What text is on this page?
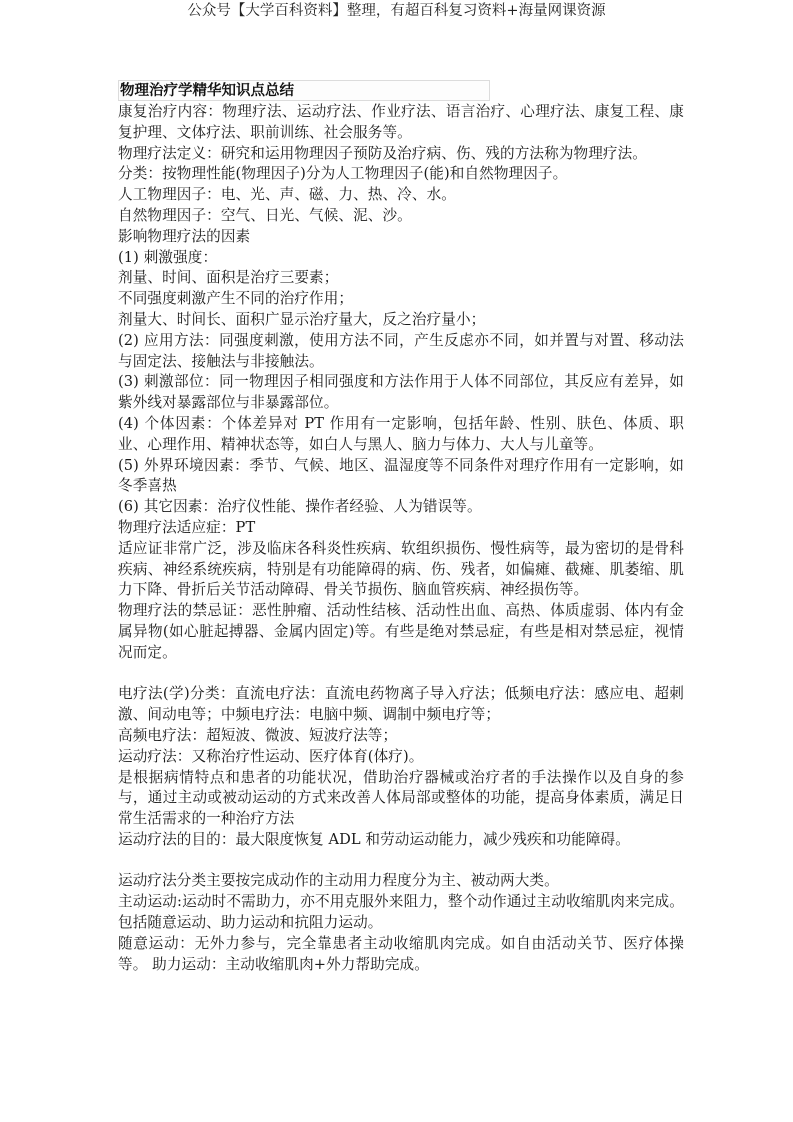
公众号【大学百科资料】整理，有超百科复习资料+海量网课资源
物理治疗学精华知识点总结

康复治疗内容：物理疗法、运动疗法、作业疗法、语言治疗、心理疗法、康复工程、康复护理、文体疗法、职前训练、社会服务等。

物理疗法定义：研究和运用物理因子预防及治疗病、伤、残的方法称为物理疗法。

分类：按物理性能(物理因子)分为人工物理因子(能)和自然物理因子。

人工物理因子：电、光、声、磁、力、热、冷、水。

自然物理因子：空气、日光、气候、泥、沙。

影响物理疗法的因素

(1) 刺激强度：

剂量、时间、面积是治疗三要素；

不同强度刺激产生不同的治疗作用；

剂量大、时间长、面积广显示治疗量大，反之治疗量小；

(2) 应用方法：同强度刺激，使用方法不同，产生反虑亦不同，如并置与对置、移动法与固定法、接触法与非接触法。

(3) 刺激部位：同一物理因子相同强度和方法作用于人体不同部位，其反应有差异，如紫外线对暴露部位与非暴露部位。

(4) 个体因素：个体差异对 PT 作用有一定影响，包括年龄、性别、肤色、体质、职业、心理作用、精神状态等，如白人与黑人、脑力与体力、大人与儿童等。

(5) 外界环境因素：季节、气候、地区、温湿度等不同条件对理疗作用有一定影响，如冬季喜热

(6) 其它因素：治疗仪性能、操作者经验、人为错误等。

物理疗法适应症：PT

适应证非常广泛，涉及临床各科炎性疾病、软组织损伤、慢性病等，最为密切的是骨科疾病、神经系统疾病，特别是有功能障碍的病、伤、残者，如偏瘫、截瘫、肌萎缩、肌力下降、骨折后关节活动障碍、骨关节损伤、脑血管疾病、神经损伤等。

物理疗法的禁忌证：恶性肿瘤、活动性结核、活动性出血、高热、体质虚弱、体内有金属异物(如心脏起搏器、金属内固定)等。有些是绝对禁忌症，有些是相对禁忌症，视情况而定。

电疗法(学)分类：直流电疗法：直流电药物离子导入疗法；低频电疗法：感应电、超刺激、间动电等；中频电疗法：电脑中频、调制中频电疗等；

高频电疗法：超短波、微波、短波疗法等；

运动疗法：又称治疗性运动、医疗体育(体疗)。

是根据病情特点和患者的功能状况，借助治疗器械或治疗者的手法操作以及自身的参与，通过主动或被动运动的方式来改善人体局部或整体的功能，提高身体素质，满足日常生活需求的一种治疗方法

运动疗法的目的：最大限度恢复 ADL 和劳动运动能力，减少残疾和功能障碍。

运动疗法分类主要按完成动作的主动用力程度分为主、被动两大类。

主动运动:运动时不需助力，亦不用克服外来阻力，整个动作通过主动收缩肌肉来完成。包括随意运动、助力运动和抗阻力运动。

随意运动：无外力参与，完全靠患者主动收缩肌肉完成。如自由活动关节、医疗体操等。 助力运动：主动收缩肌肉+外力帮助完成。
